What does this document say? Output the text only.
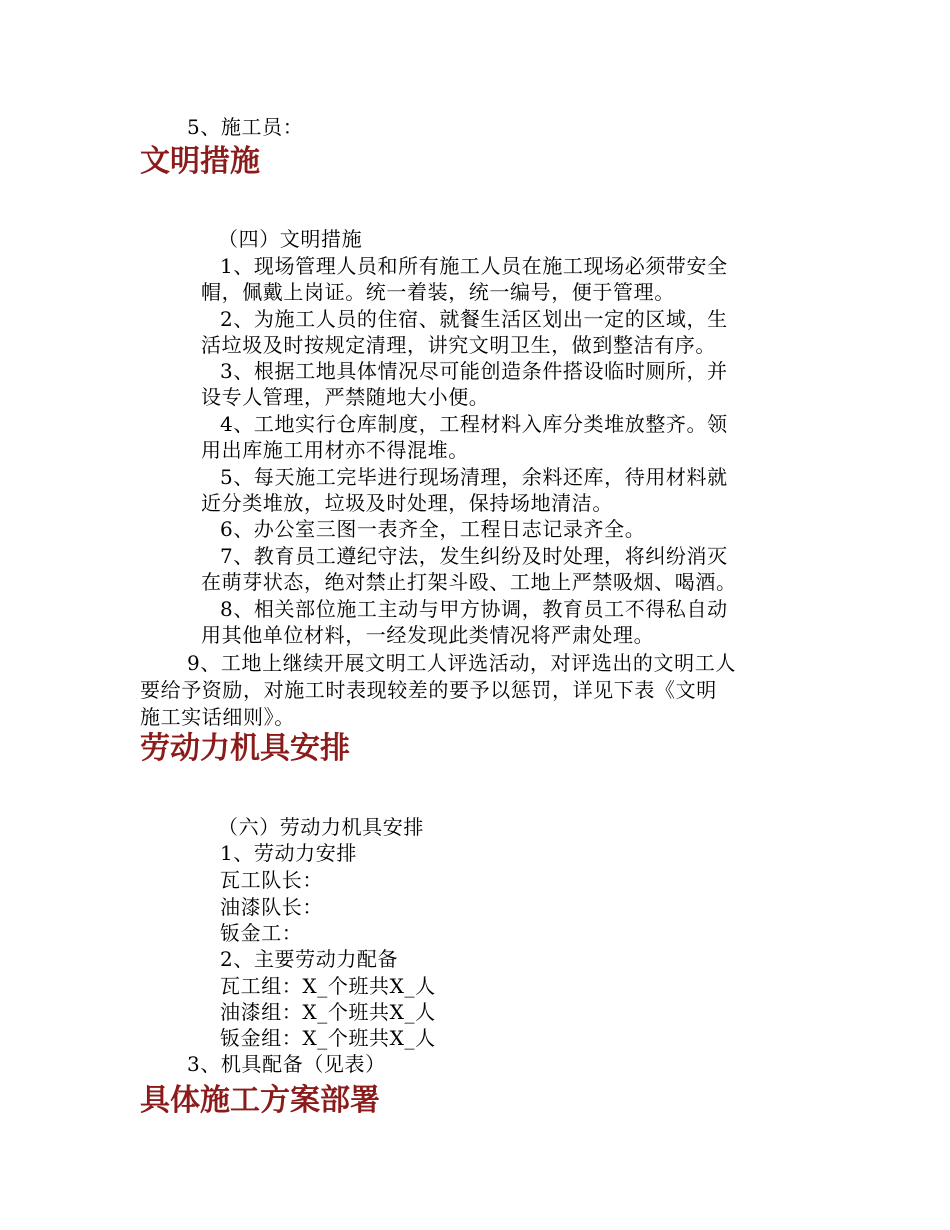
5、施工员：
文明措施
（四）文明措施
1、现场管理人员和所有施工人员在施工现场必须带安全
帽，佩戴上岗证。统一着装，统一编号，便于管理。
2、为施工人员的住宿、就餐生活区划出一定的区域，生
活垃圾及时按规定清理，讲究文明卫生，做到整洁有序。
3、根据工地具体情况尽可能创造条件搭设临时厕所，并
设专人管理，严禁随地大小便。
4、工地实行仓库制度，工程材料入库分类堆放整齐。领
用出库施工用材亦不得混堆。
5、每天施工完毕进行现场清理，余料还库，待用材料就
近分类堆放，垃圾及时处理，保持场地清洁。
6、办公室三图一表齐全，工程日志记录齐全。
7、教育员工遵纪守法，发生纠纷及时处理，将纠纷消灭
在萌芽状态，绝对禁止打架斗殴、工地上严禁吸烟、喝酒。
8、相关部位施工主动与甲方协调，教育员工不得私自动
用其他单位材料，一经发现此类情况将严肃处理。
9、工地上继续开展文明工人评选活动，对评选出的文明工人
要给予资励，对施工时表现较差的要予以惩罚，详见下表《文明
施工实话细则》。
劳动力机具安排
（六）劳动力机具安排
1、劳动力安排
瓦工队长：
油漆队长：
钣金工：
2、主要劳动力配备
瓦工组：X_个班共X_人
油漆组：X_个班共X_人
钣金组：X_个班共X_人
3、机具配备（见表）
具体施工方案部署
